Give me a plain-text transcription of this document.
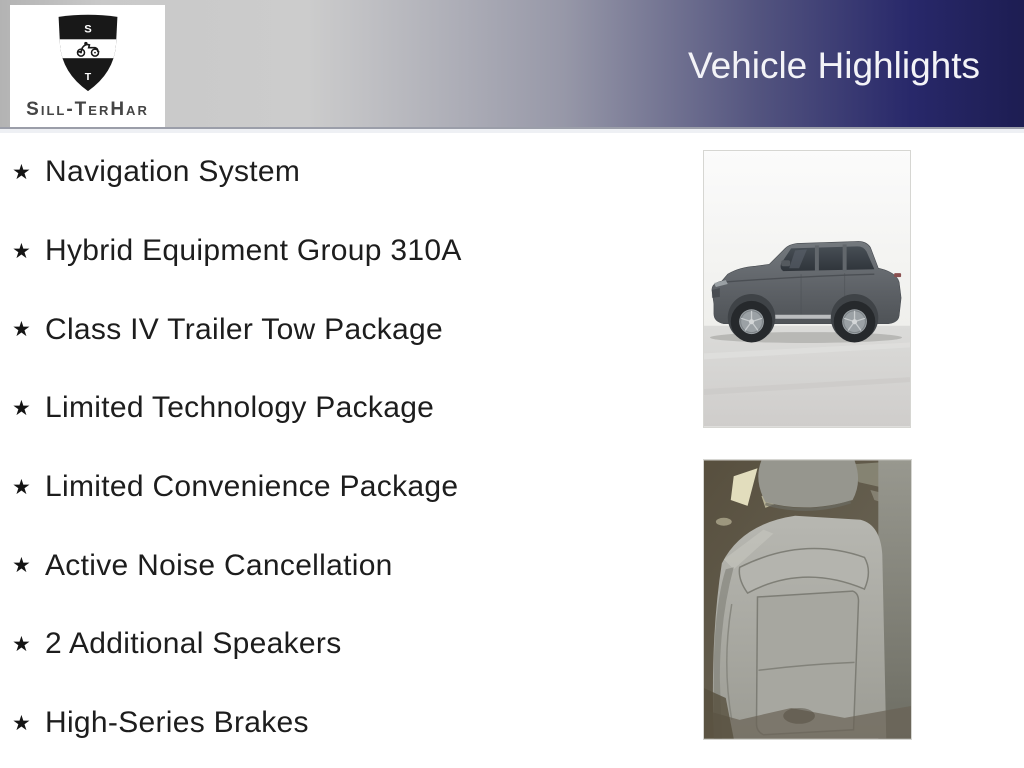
S
T
Sill-TerHar
Vehicle Highlights
★ Navigation System
★ Hybrid Equipment Group 310A
★ Class IV Trailer Tow Package
★ Limited Technology Package
★ Limited Convenience Package
★ Active Noise Cancellation
★ 2 Additional Speakers
★ High-Series Brakes
